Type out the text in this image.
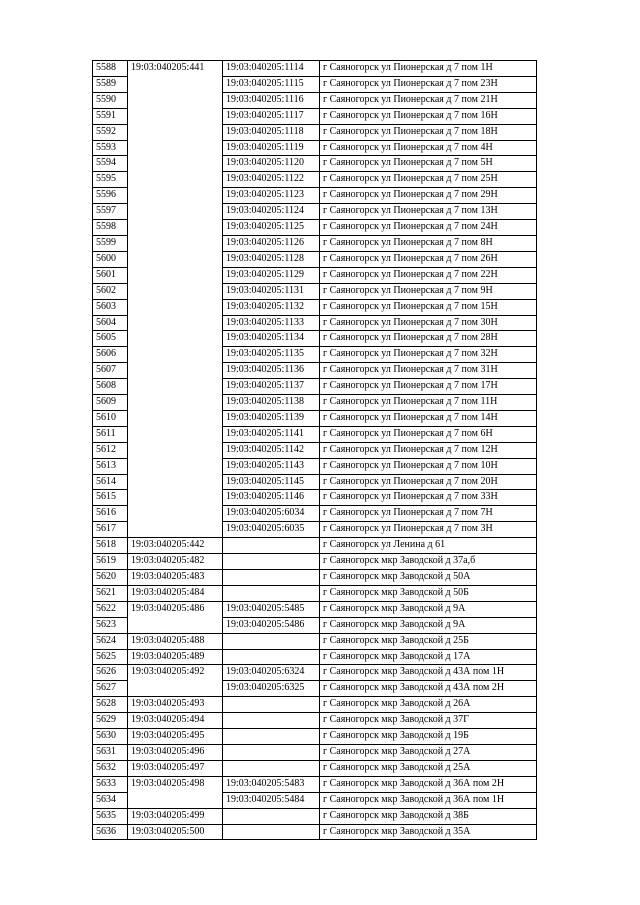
5588	19:03:040205:441	19:03:040205:1114	г Саяногорск ул Пионерская д 7 пом 1Н
5589		19:03:040205:1115	г Саяногорск ул Пионерская д 7 пом 23Н
5590		19:03:040205:1116	г Саяногорск ул Пионерская д 7 пом 21Н
5591		19:03:040205:1117	г Саяногорск ул Пионерская д 7 пом 16Н
5592		19:03:040205:1118	г Саяногорск ул Пионерская д 7 пом 18Н
5593		19:03:040205:1119	г Саяногорск ул Пионерская д 7 пом 4Н
5594		19:03:040205:1120	г Саяногорск ул Пионерская д 7 пом 5Н
5595		19:03:040205:1122	г Саяногорск ул Пионерская д 7 пом 25Н
5596		19:03:040205:1123	г Саяногорск ул Пионерская д 7 пом 29Н
5597		19:03:040205:1124	г Саяногорск ул Пионерская д 7 пом 13Н
5598		19:03:040205:1125	г Саяногорск ул Пионерская д 7 пом 24Н
5599		19:03:040205:1126	г Саяногорск ул Пионерская д 7 пом 8Н
5600		19:03:040205:1128	г Саяногорск ул Пионерская д 7 пом 26Н
5601		19:03:040205:1129	г Саяногорск ул Пионерская д 7 пом 22Н
5602		19:03:040205:1131	г Саяногорск ул Пионерская д 7 пом 9Н
5603		19:03:040205:1132	г Саяногорск ул Пионерская д 7 пом 15Н
5604		19:03:040205:1133	г Саяногорск ул Пионерская д 7 пом 30Н
5605		19:03:040205:1134	г Саяногорск ул Пионерская д 7 пом 28Н
5606		19:03:040205:1135	г Саяногорск ул Пионерская д 7 пом 32Н
5607		19:03:040205:1136	г Саяногорск ул Пионерская д 7 пом 31Н
5608		19:03:040205:1137	г Саяногорск ул Пионерская д 7 пом 17Н
5609		19:03:040205:1138	г Саяногорск ул Пионерская д 7 пом 11Н
5610		19:03:040205:1139	г Саяногорск ул Пионерская д 7 пом 14Н
5611		19:03:040205:1141	г Саяногорск ул Пионерская д 7 пом 6Н
5612		19:03:040205:1142	г Саяногорск ул Пионерская д 7 пом 12Н
5613		19:03:040205:1143	г Саяногорск ул Пионерская д 7 пом 10Н
5614		19:03:040205:1145	г Саяногорск ул Пионерская д 7 пом 20Н
5615		19:03:040205:1146	г Саяногорск ул Пионерская д 7 пом 33Н
5616		19:03:040205:6034	г Саяногорск ул Пионерская д 7 пом 7Н
5617		19:03:040205:6035	г Саяногорск ул Пионерская д 7 пом 3Н
5618	19:03:040205:442		г Саяногорск ул Ленина д 61
5619	19:03:040205:482		г Саяногорск мкр Заводской д 37а,б
5620	19:03:040205:483		г Саяногорск мкр Заводской д 50А
5621	19:03:040205:484		г Саяногорск мкр Заводской д 50Б
5622	19:03:040205:486	19:03:040205:5485	г Саяногорск мкр Заводской д 9А
5623		19:03:040205:5486	г Саяногорск мкр Заводской д 9А
5624	19:03:040205:488		г Саяногорск мкр Заводской д 25Б
5625	19:03:040205:489		г Саяногорск мкр Заводской д 17А
5626	19:03:040205:492	19:03:040205:6324	г Саяногорск мкр Заводской д 43А пом 1Н
5627		19:03:040205:6325	г Саяногорск мкр Заводской д 43А пом 2Н
5628	19:03:040205:493		г Саяногорск мкр Заводской д 26А
5629	19:03:040205:494		г Саяногорск мкр Заводской д 37Г
5630	19:03:040205:495		г Саяногорск мкр Заводской д 19Б
5631	19:03:040205:496		г Саяногорск мкр Заводской д 27А
5632	19:03:040205:497		г Саяногорск мкр Заводской д 25А
5633	19:03:040205:498	19:03:040205:5483	г Саяногорск мкр Заводской д 36А пом 2Н
5634		19:03:040205:5484	г Саяногорск мкр Заводской д 36А пом 1Н
5635	19:03:040205:499		г Саяногорск мкр Заводской д 38Б
5636	19:03:040205:500		г Саяногорск мкр Заводской д 35А
